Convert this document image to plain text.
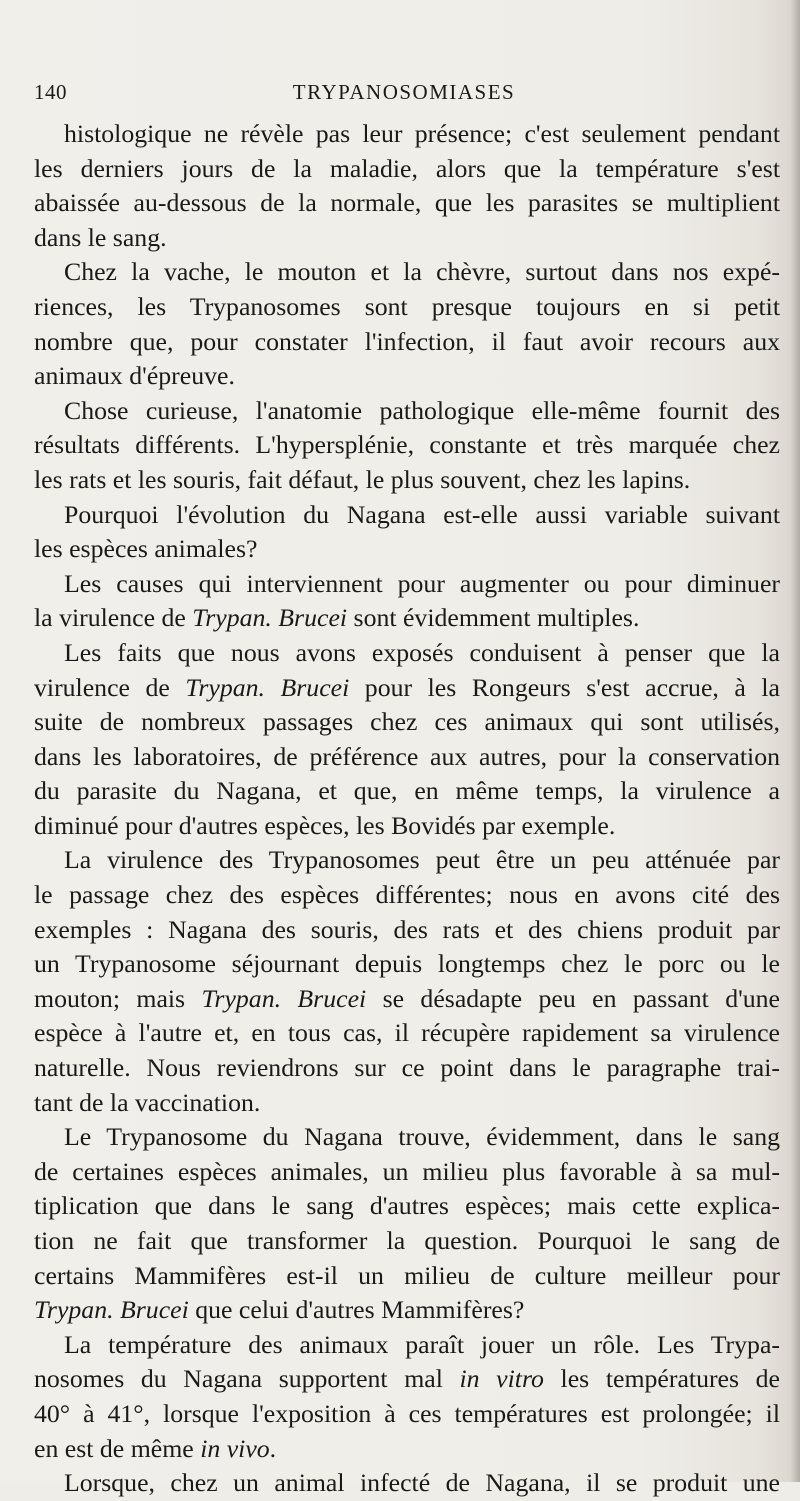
140	TRYPANOSOMIASES
histologique ne révèle pas leur présence; c'est seulement pendant
les derniers jours de la maladie, alors que la température s'est
abaissée au-dessous de la normale, que les parasites se multiplient
dans le sang.
Chez la vache, le mouton et la chèvre, surtout dans nos expé-
riences, les Trypanosomes sont presque toujours en si petit
nombre que, pour constater l'infection, il faut avoir recours aux
animaux d'épreuve.
Chose curieuse, l'anatomie pathologique elle-même fournit des
résultats différents. L'hypersplénie, constante et très marquée chez
les rats et les souris, fait défaut, le plus souvent, chez les lapins.
Pourquoi l'évolution du Nagana est-elle aussi variable suivant
les espèces animales?
Les causes qui interviennent pour augmenter ou pour diminuer
la virulence de Trypan. Brucei sont évidemment multiples.
Les faits que nous avons exposés conduisent à penser que la
virulence de Trypan. Brucei pour les Rongeurs s'est accrue, à la
suite de nombreux passages chez ces animaux qui sont utilisés,
dans les laboratoires, de préférence aux autres, pour la conservation
du parasite du Nagana, et que, en même temps, la virulence a
diminué pour d'autres espèces, les Bovidés par exemple.
La virulence des Trypanosomes peut être un peu atténuée par
le passage chez des espèces différentes; nous en avons cité des
exemples : Nagana des souris, des rats et des chiens produit par
un Trypanosome séjournant depuis longtemps chez le porc ou le
mouton; mais Trypan. Brucei se désadapte peu en passant d'une
espèce à l'autre et, en tous cas, il récupère rapidement sa virulence
naturelle. Nous reviendrons sur ce point dans le paragraphe trai-
tant de la vaccination.
Le Trypanosome du Nagana trouve, évidemment, dans le sang
de certaines espèces animales, un milieu plus favorable à sa mul-
tiplication que dans le sang d'autres espèces; mais cette explica-
tion ne fait que transformer la question. Pourquoi le sang de
certains Mammifères est-il un milieu de culture meilleur pour
Trypan. Brucei que celui d'autres Mammifères?
La température des animaux paraît jouer un rôle. Les Trypa-
nosomes du Nagana supportent mal in vitro les températures de
40° à 41°, lorsque l'exposition à ces températures est prolongée; il
en est de même in vivo.
Lorsque, chez un animal infecté de Nagana, il se produit une
